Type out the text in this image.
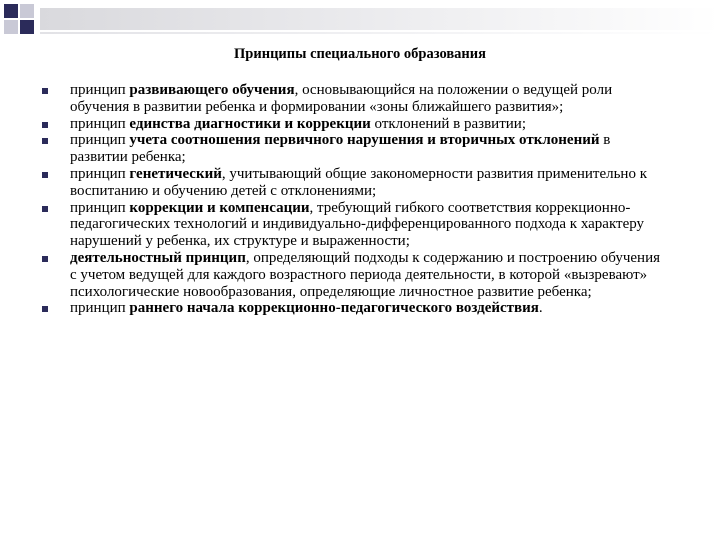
Принципы специального образования
принцип развивающего обучения, основывающийся на положении о ведущей роли обучения в развитии ребенка и формировании «зоны ближайшего развития»;
принцип единства диагностики и коррекции отклонений в развитии;
принцип учета соотношения первичного нарушения и вторичных отклонений в развитии ребенка;
принцип генетический, учитывающий общие закономерности развития применительно к воспитанию и обучению детей с отклонениями;
принцип коррекции и компенсации, требующий гибкого соответствия коррекционно-педагогических технологий и индивидуально-дифференцированного подхода к характеру нарушений у ребенка, их структуре и выраженности;
деятельностный принцип, определяющий подходы к содержанию и построению обучения с учетом ведущей для каждого возрастного периода деятельности, в которой «вызревают» психологические новообразования, определяющие личностное развитие ребенка;
принцип раннего начала коррекционно-педагогического воздействия.
